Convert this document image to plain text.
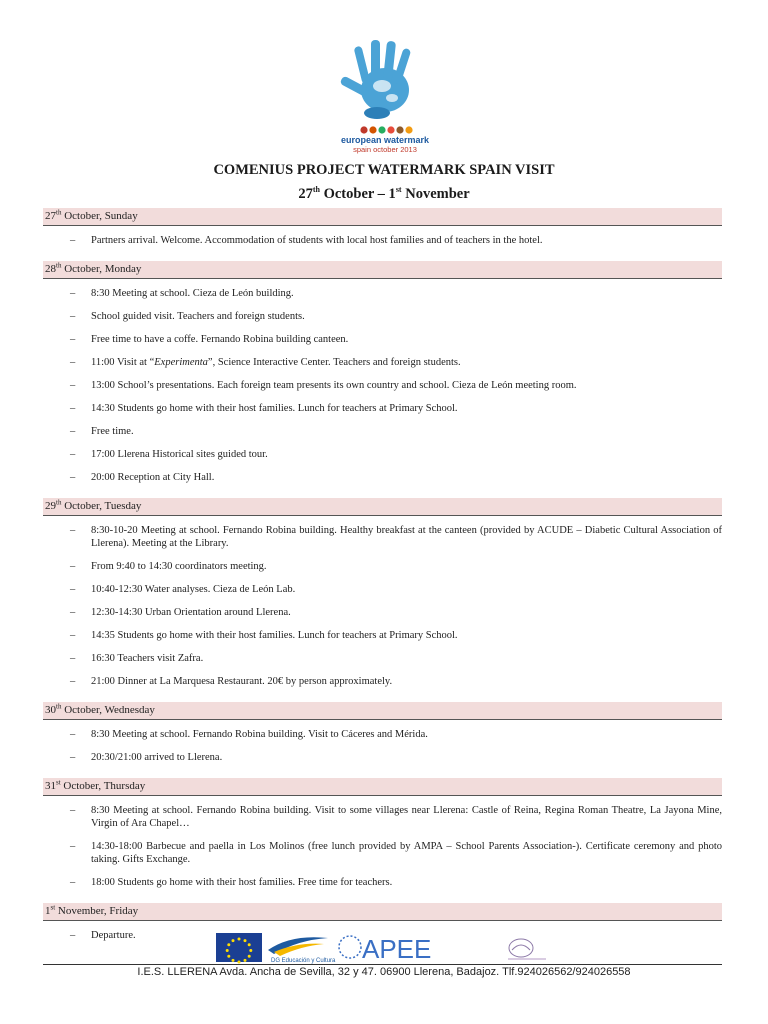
european watermark
spain october 2013
COMENIUS PROJECT WATERMARK SPAIN VISIT
27th October – 1st November
27th October, Sunday
– Partners arrival. Welcome. Accommodation of students with local host families and of teachers in the hotel.
28th October, Monday
– 8:30 Meeting at school. Cieza de León building.
– School guided visit. Teachers and foreign students.
– Free time to have a coffe. Fernando Robina building canteen.
– 11:00 Visit at “Experimenta”, Science Interactive Center. Teachers and foreign students.
– 13:00 School’s presentations. Each foreign team presents its own country and school. Cieza de León meeting room.
– 14:30 Students go home with their host families. Lunch for teachers at Primary School.
– Free time.
– 17:00 Llerena Historical sites guided tour.
– 20:00 Reception at City Hall.
29th October, Tuesday
– 8:30-10-20 Meeting at school. Fernando Robina building. Healthy breakfast at the canteen (provided by ACUDE – Diabetic Cultural Association of Llerena). Meeting at the Library.
– From 9:40 to 14:30 coordinators meeting.
– 10:40-12:30 Water analyses. Cieza de León Lab.
– 12:30-14:30 Urban Orientation around Llerena.
– 14:35 Students go home with their host families. Lunch for teachers at Primary School.
– 16:30 Teachers visit Zafra.
– 21:00 Dinner at La Marquesa Restaurant. 20€ by person approximately.
30th October, Wednesday
– 8:30 Meeting at school. Fernando Robina building. Visit to Cáceres and Mérida.
– 20:30/21:00 arrived to Llerena.
31st October, Thursday
– 8:30 Meeting at school. Fernando Robina building. Visit to some villages near Llerena: Castle of Reina, Regina Roman Theatre, La Jayona Mine, Virgin of Ara Chapel…
– 14:30-18:00 Barbecue and paella in Los Molinos (free lunch provided by AMPA – School Parents Association-). Certificate ceremony and photo taking. Gifts Exchange.
– 18:00 Students go home with their host families. Free time for teachers.
1st November, Friday
– Departure.
DG Educación y Cultura APEE
I.E.S. LLERENA Avda. Ancha de Sevilla, 32 y 47. 06900 Llerena, Badajoz. Tlf.924026562/924026558
